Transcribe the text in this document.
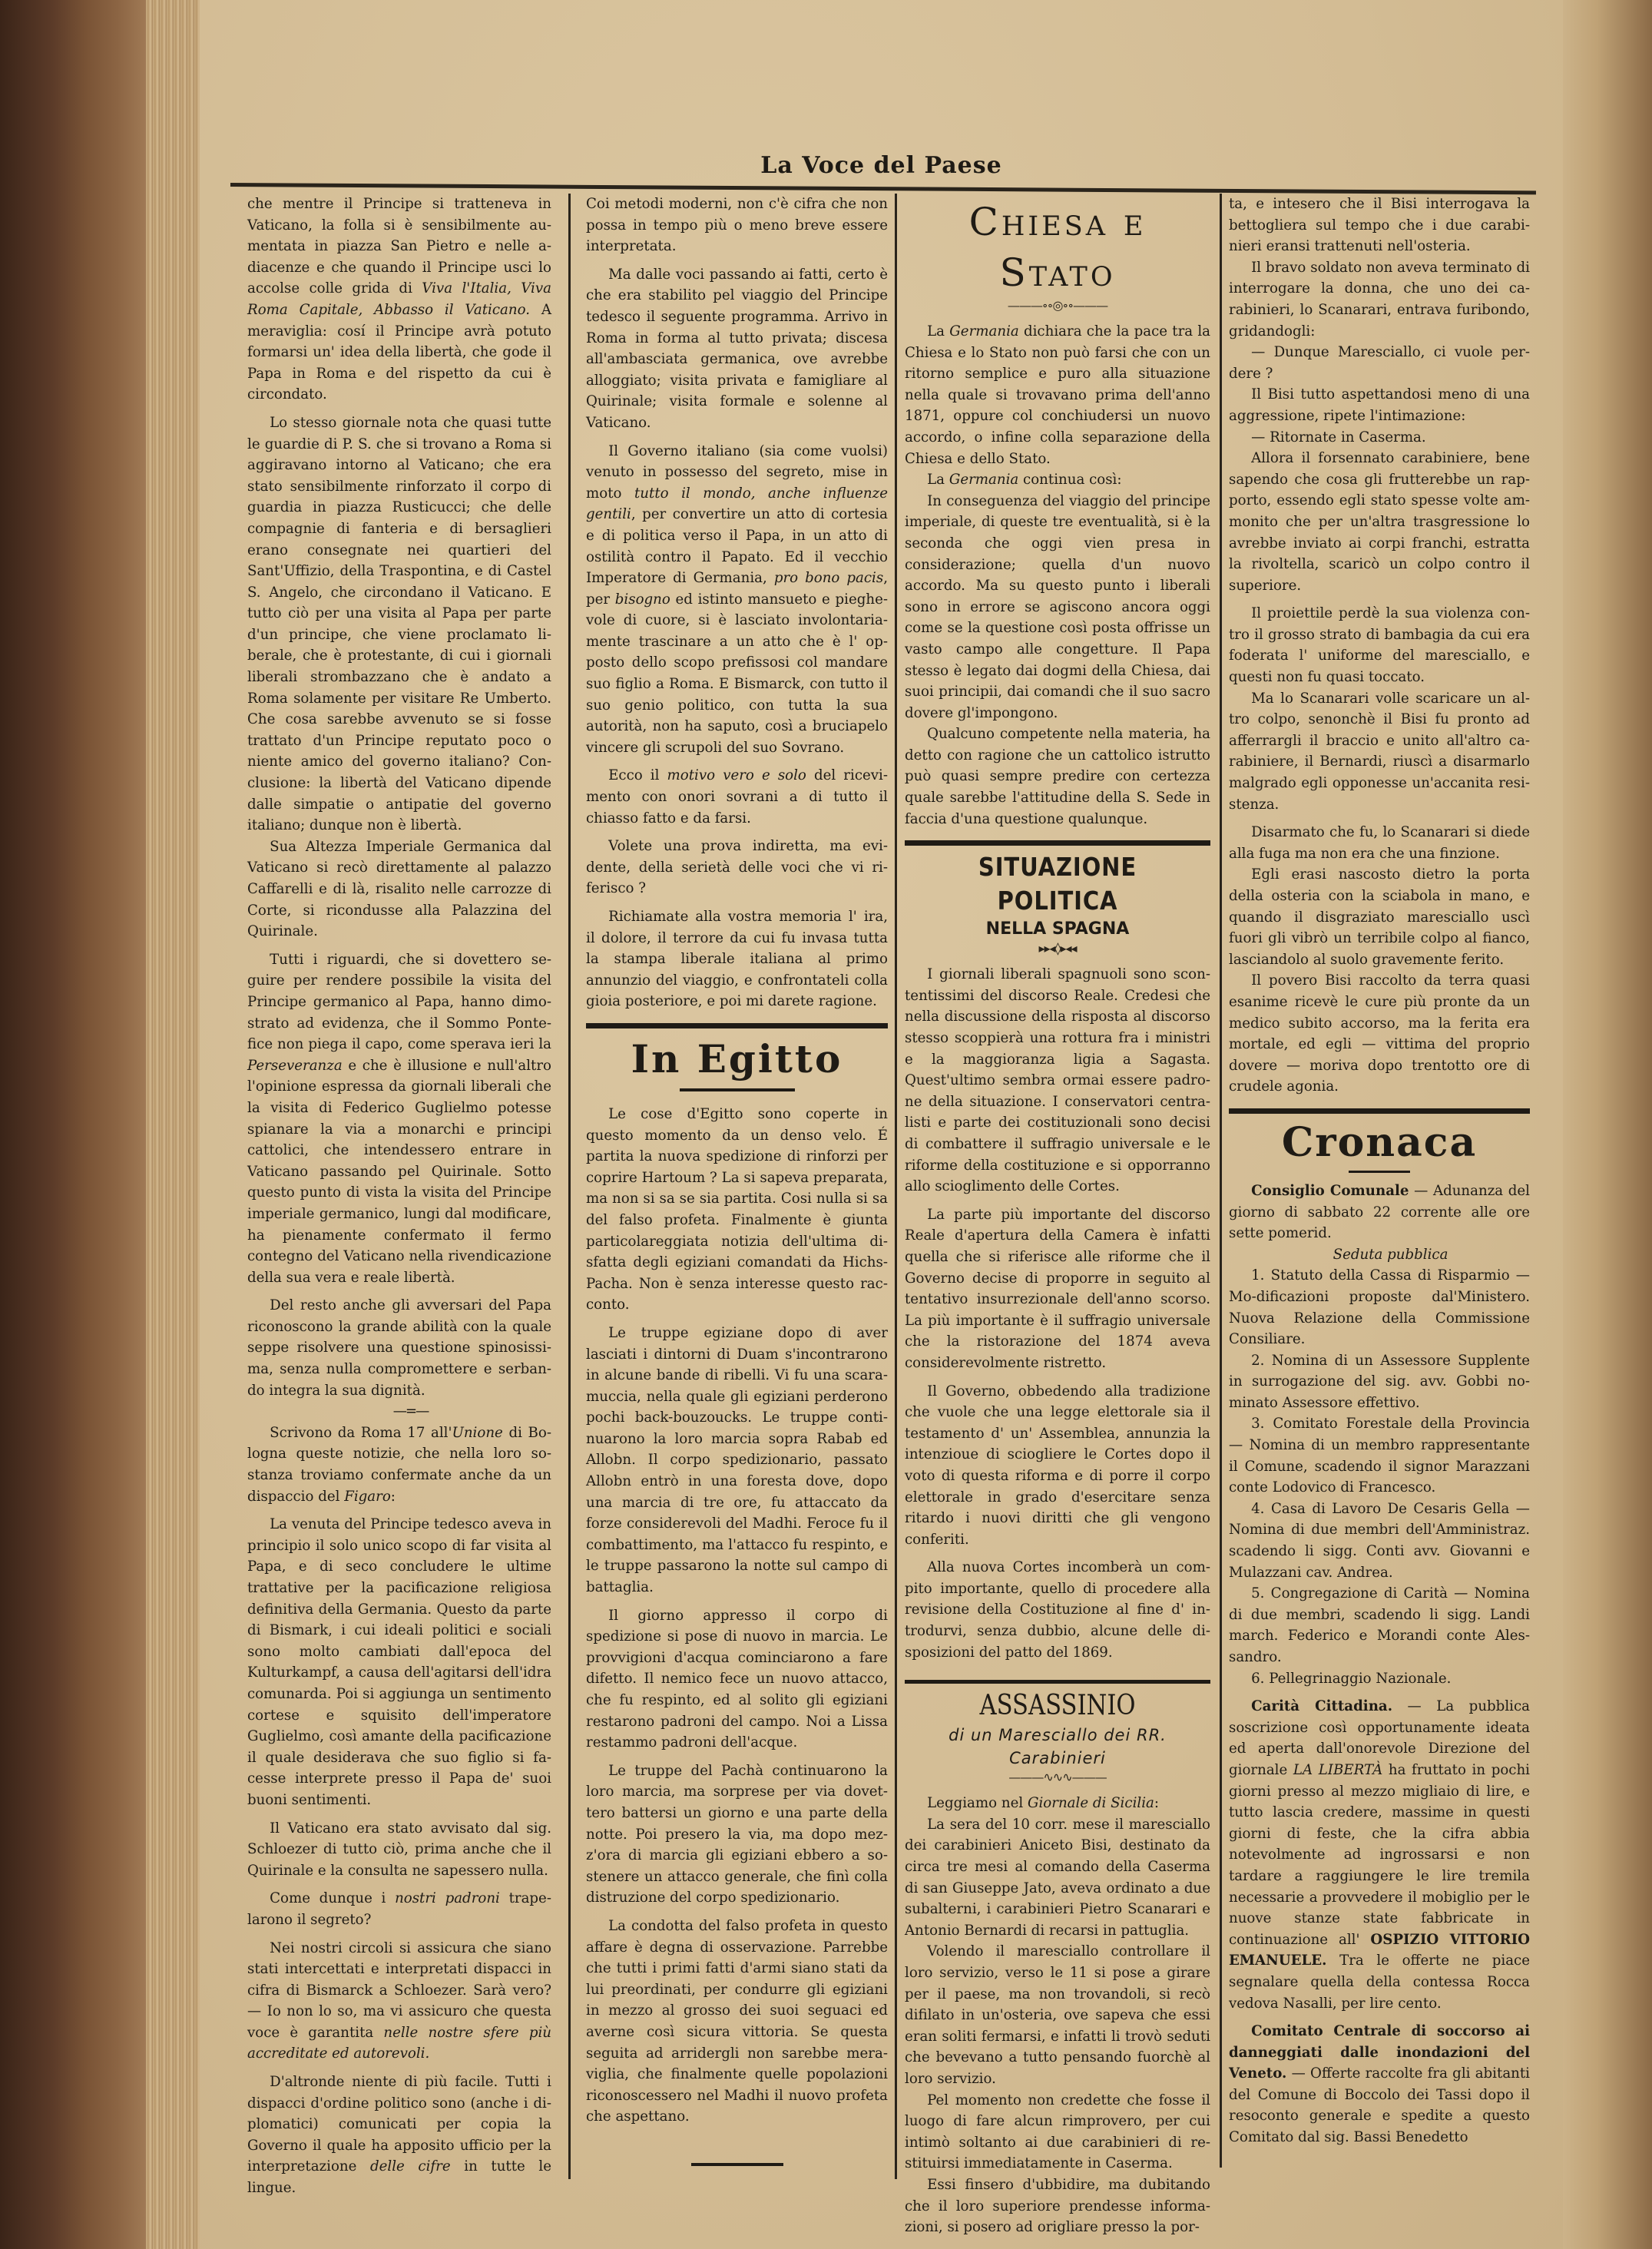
La Voce del Paese

che mentre il Principe si tratteneva in Vaticano, la folla si è sensibilmente aumentata in piazza San Pietro e nelle adiacenze e che quando il Principe usci lo accolse colle grida di Viva l'Italia, Viva Roma Capitale, Abbasso il Vaticano. A meraviglia: cosí il Principe avrà potuto formarsi un' idea della libertà, che gode il Papa in Roma e del rispetto da cui è circondato.

Lo stesso giornale nota che quasi tutte le guardie di P. S. che si trovano a Roma si aggiravano intorno al Vaticano; che era stato sensibilmente rinforzato il corpo di guardia in piazza Rusticucci; che delle compagnie di fanteria e di bersaglieri erano consegnate nei quartieri del Sant'Uffizio, della Traspontina, e di Castel S. Angelo, che circondano il Vaticano. E tutto ciò per una visita al Papa per parte d'un principe, che viene proclamato liberale, che è protestante, di cui i giornali liberali strombazzano che è andato a Roma solamente per visitare Re Umberto. Che cosa sarebbe avvenuto se si fosse trattato d'un Principe reputato poco o niente amico del governo italiano? Conclusione: la libertà del Vaticano dipende dalle simpatie o antipatie del governo italiano; dunque non è libertà.

Sua Altezza Imperiale Germanica dal Vaticano si recò direttamente al palazzo Caffarelli e di là, risalito nelle carrozze di Corte, si ricondusse alla Palazzina del Quirinale.

Tutti i riguardi, che si dovettero seguire per rendere possibile la visita del Principe germanico al Papa, hanno dimostrato ad evidenza, che il Sommo Pontefice non piega il capo, come sperava ieri la Perseveranza e che è illusione e null'altro l'opinione espressa da giornali liberali che la visita di Federico Guglielmo potesse spianare la via a monarchi e principi cattolici, che intendessero entrare in Vaticano passando pel Quirinale. Sotto questo punto di vista la visita del Principe imperiale germanico, lungi dal modificare, ha pienamente confermato il fermo contegno del Vaticano nella rivendicazione della sua vera e reale libertà.

Del resto anche gli avversari del Papa riconoscono la grande abilità con la quale seppe risolvere una questione spinosissima, senza nulla compromettere e serbando integra la sua dignità.

—=—

Scrivono da Roma 17 all'Unione di Bologna queste notizie, che nella loro sostanza troviamo confermate anche da un dispaccio del Figaro:

La venuta del Principe tedesco aveva in principio il solo unico scopo di far visita al Papa, e di seco concludere le ultime trattative per la pacificazione religiosa definitiva della Germania. Questo da parte di Bismark, i cui ideali politici e sociali sono molto cambiati dall'epoca del Kulturkampf, a causa dell'agitarsi dell'idra comunarda. Poi si aggiunga un sentimento cortese e squisito dell'imperatore Guglielmo, così amante della pacificazione il quale desiderava che suo figlio si facesse interprete presso il Papa de' suoi buoni sentimenti.

Il Vaticano era stato avvisato dal sig. Schloezer di tutto ciò, prima anche che il Quirinale e la consulta ne sapessero nulla.

Come dunque i nostri padroni trapelarono il segreto?

Nei nostri circoli si assicura che siano stati intercettati e interpretati dispacci in cifra di Bismarck a Schloezer. Sarà vero? — Io non lo so, ma vi assicuro che questa voce è garantita nelle nostre sfere più accreditate ed autorevoli.

D'altronde niente di più facile. Tutti i dispacci d'ordine politico sono (anche i diplomatici) comunicati per copia la Governo il quale ha apposito ufficio per la interpretazione delle cifre in tutte le lingue.

Coi metodi moderni, non c'è cifra che non possa in tempo più o meno breve essere interpretata.

Ma dalle voci passando ai fatti, certo è che era stabilito pel viaggio del Principe tedesco il seguente programma. Arrivo in Roma in forma al tutto privata; discesa all'ambasciata germanica, ove avrebbe alloggiato; visita privata e famigliare al Quirinale; visita formale e solenne al Vaticano.

Il Governo italiano (sia come vuolsi) venuto in possesso del segreto, mise in moto tutto il mondo, anche influenze gentili, per convertire un atto di cortesia e di politica verso il Papa, in un atto di ostilità contro il Papato. Ed il vecchio Imperatore di Germania, pro bono pacis, per bisogno ed istinto mansueto e pieghevole di cuore, si è lasciato involontariamente trascinare a un atto che è l' opposto dello scopo prefissosi col mandare suo figlio a Roma. E Bismarck, con tutto il suo genio politico, con tutta la sua autorità, non ha saputo, così a bruciapelo vincere gli scrupoli del suo Sovrano.

Ecco il motivo vero e solo del ricevimento con onori sovrani a di tutto il chiasso fatto e da farsi.

Volete una prova indiretta, ma evidente, della serietà delle voci che vi riferisco ?

Richiamate alla vostra memoria l' ira, il dolore, il terrore da cui fu invasa tutta la stampa liberale italiana al primo annunzio del viaggio, e confrontateli colla gioia posteriore, e poi mi darete ragione.

In Egitto

Le cose d'Egitto sono coperte in questo momento da un denso velo. É partita la nuova spedizione di rinforzi per coprire Hartoum ? La si sapeva preparata, ma non si sa se sia partita. Cosi nulla si sa del falso profeta. Finalmente è giunta particolareggiata notizia dell'ultima disfatta degli egiziani comandati da Hichs-Pacha. Non è senza interesse questo racconto.

Le truppe egiziane dopo di aver lasciati i dintorni di Duam s'incontrarono in alcune bande di ribelli. Vi fu una scaramuccia, nella quale gli egiziani perderono pochi back-bouzoucks. Le truppe continuarono la loro marcia sopra Rabab ed Allobn. Il corpo spedizionario, passato Allobn entrò in una foresta dove, dopo una marcia di tre ore, fu attaccato da forze considerevoli del Madhi. Feroce fu il combattimento, ma l'attacco fu respinto, e le truppe passarono la notte sul campo di battaglia.

Il giorno appresso il corpo di spedizione si pose di nuovo in marcia. Le provvigioni d'acqua cominciarono a fare difetto. Il nemico fece un nuovo attacco, che fu respinto, ed al solito gli egiziani restarono padroni del campo. Noi a Lissa restammo padroni dell'acque.

Le truppe del Pachà continuarono la loro marcia, ma sorprese per via dovettero battersi un giorno e una parte della notte. Poi presero la via, ma dopo mezz'ora di marcia gli egiziani ebbero a sostenere un attacco generale, che finì colla distruzione del corpo spedizionario.

La condotta del falso profeta in questo affare è degna di osservazione. Parrebbe che tutti i primi fatti d'armi siano stati da lui preordinati, per condurre gli egiziani in mezzo al grosso dei suoi seguaci ed averne così sicura vittoria. Se questa seguita ad arridergli non sarebbe meraviglia, che finalmente quelle popolazioni riconoscessero nel Madhi il nuovo profeta che aspettano.

Chiesa e Stato
———∘∘◎∘∘———

La Germania dichiara che la pace tra la Chiesa e lo Stato non può farsi che con un ritorno semplice e puro alla situazione nella quale si trovavano prima dell'anno 1871, oppure col conchiudersi un nuovo accordo, o infine colla separazione della Chiesa e dello Stato.

La Germania continua così:

In conseguenza del viaggio del principe imperiale, di queste tre eventualità, si è la seconda che oggi vien presa in considerazione; quella d'un nuovo accordo. Ma su questo punto i liberali sono in errore se agiscono ancora oggi come se la questione così posta offrisse un vasto campo alle congetture. Il Papa stesso è legato dai dogmi della Chiesa, dai suoi principii, dai comandi che il suo sacro dovere gl'impongono.

Qualcuno competente nella materia, ha detto con ragione che un cattolico istrutto può quasi sempre predire con certezza quale sarebbe l'attitudine della S. Sede in faccia d'una questione qualunque.

SITUAZIONE POLITICA
NELLA SPAGNA
▸▸◂◊▸◂◂

I giornali liberali spagnuoli sono scontentissimi del discorso Reale. Credesi che nella discussione della risposta al discorso stesso scoppierà una rottura fra i ministri e la maggioranza ligia a Sagasta. Quest'ultimo sembra ormai essere padrone della situazione. I conservatori centralisti e parte dei costituzionali sono decisi di combattere il suffragio universale e le riforme della costituzione e si opporranno allo scioglimento delle Cortes.

La parte più importante del discorso Reale d'apertura della Camera è infatti quella che si riferisce alle riforme che il Governo decise di proporre in seguito al tentativo insurrezionale dell'anno scorso. La più importante è il suffragio universale che la ristorazione del 1874 aveva considerevolmente ristretto.

Il Governo, obbedendo alla tradizione che vuole che una legge elettorale sia il testamento d' un' Assemblea, annunzia la intenzioue di sciogliere le Cortes dopo il voto di questa riforma e di porre il corpo elettorale in grado d'esercitare senza ritardo i nuovi diritti che gli vengono conferiti.

Alla nuova Cortes incomberà un compito importante, quello di procedere alla revisione della Costituzione al fine d' introdurvi, senza dubbio, alcune delle disposizioni del patto del 1869.

ASSASSINIO
di un Maresciallo dei RR. Carabinieri
———∿∿∿———

Leggiamo nel Giornale di Sicilia:

La sera del 10 corr. mese il maresciallo dei carabinieri Aniceto Bisi, destinato da circa tre mesi al comando della Caserma di san Giuseppe Jato, aveva ordinato a due subalterni, i carabinieri Pietro Scanarari e Antonio Bernardi di recarsi in pattuglia.

Volendo il maresciallo controllare il loro servizio, verso le 11 si pose a girare per il paese, ma non trovandoli, si recò difilato in un'osteria, ove sapeva che essi eran soliti fermarsi, e infatti li trovò seduti che bevevano a tutto pensando fuorchè al loro servizio.

Pel momento non credette che fosse il luogo di fare alcun rimprovero, per cui intimò soltanto ai due carabinieri di restituirsi immediatamente in Caserma.

Essi finsero d'ubbidire, ma dubitando che il loro superiore prendesse informazioni, si posero ad origliare presso la por-

ta, e intesero che il Bisi interrogava la bettogliera sul tempo che i due carabinieri eransi trattenuti nell'osteria.

Il bravo soldato non aveva terminato di interrogare la donna, che uno dei carabinieri, lo Scanarari, entrava furibondo, gridandogli:

— Dunque Maresciallo, ci vuole perdere ?

Il Bisi tutto aspettandosi meno di una aggressione, ripete l'intimazione:

— Ritornate in Caserma.

Allora il forsennato carabiniere, bene sapendo che cosa gli frutterebbe un rapporto, essendo egli stato spesse volte ammonito che per un'altra trasgressione lo avrebbe inviato ai corpi franchi, estratta la rivoltella, scaricò un colpo contro il superiore.

Il proiettile perdè la sua violenza contro il grosso strato di bambagia da cui era foderata l' uniforme del maresciallo, e questi non fu quasi toccato.

Ma lo Scanarari volle scaricare un altro colpo, senonchè il Bisi fu pronto ad afferrargli il braccio e unito all'altro carabiniere, il Bernardi, riuscì a disarmarlo malgrado egli opponesse un'accanita resistenza.

Disarmato che fu, lo Scanarari si diede alla fuga ma non era che una finzione.

Egli erasi nascosto dietro la porta della osteria con la sciabola in mano, e quando il disgraziato maresciallo uscì fuori gli vibrò un terribile colpo al fianco, lasciandolo al suolo gravemente ferito.

Il povero Bisi raccolto da terra quasi esanime ricevè le cure più pronte da un medico subito accorso, ma la ferita era mortale, ed egli — vittima del proprio dovere — moriva dopo trentotto ore di crudele agonia.

Cronaca

Consiglio Comunale — Adunanza del giorno di sabbato 22 corrente alle ore sette pomerid.

Seduta pubblica

1. Statuto della Cassa di Risparmio — Mo-dificazioni proposte dal'Ministero. Nuova Relazione della Commissione Consiliare.

2. Nomina di un Assessore Supplente in surrogazione del sig. avv. Gobbi nominato Assessore effettivo.

3. Comitato Forestale della Provincia — Nomina di un membro rappresentante il Comune, scadendo il signor Marazzani conte Lodovico di Francesco.

4. Casa di Lavoro De Cesaris Gella — Nomina di due membri dell'Amministraz. scadendo li sigg. Conti avv. Giovanni e Mulazzani cav. Andrea.

5. Congregazione di Carità — Nomina di due membri, scadendo li sigg. Landi march. Federico e Morandi conte Alessandro.

6. Pellegrinaggio Nazionale.

Carità Cittadina. — La pubblica soscrizione così opportunamente ideata ed aperta dall'onorevole Direzione del giornale LA LIBERTÀ ha fruttato in pochi giorni presso al mezzo migliaio di lire, e tutto lascia credere, massime in questi giorni di feste, che la cifra abbia notevolmente ad ingrossarsi e non tardare a raggiungere le lire tremila necessarie a provvedere il mobiglio per le nuove stanze state fabbricate in continuazione all' OSPIZIO VITTORIO EMANUELE. Tra le offerte ne piace segnalare quella della contessa Rocca vedova Nasalli, per lire cento.

Comitato Centrale di soccorso ai danneggiati dalle inondazioni del Veneto. — Offerte raccolte fra gli abitanti del Comune di Boccolo dei Tassi dopo il resoconto generale e spedite a questo Comitato dal sig. Bassi Benedetto
